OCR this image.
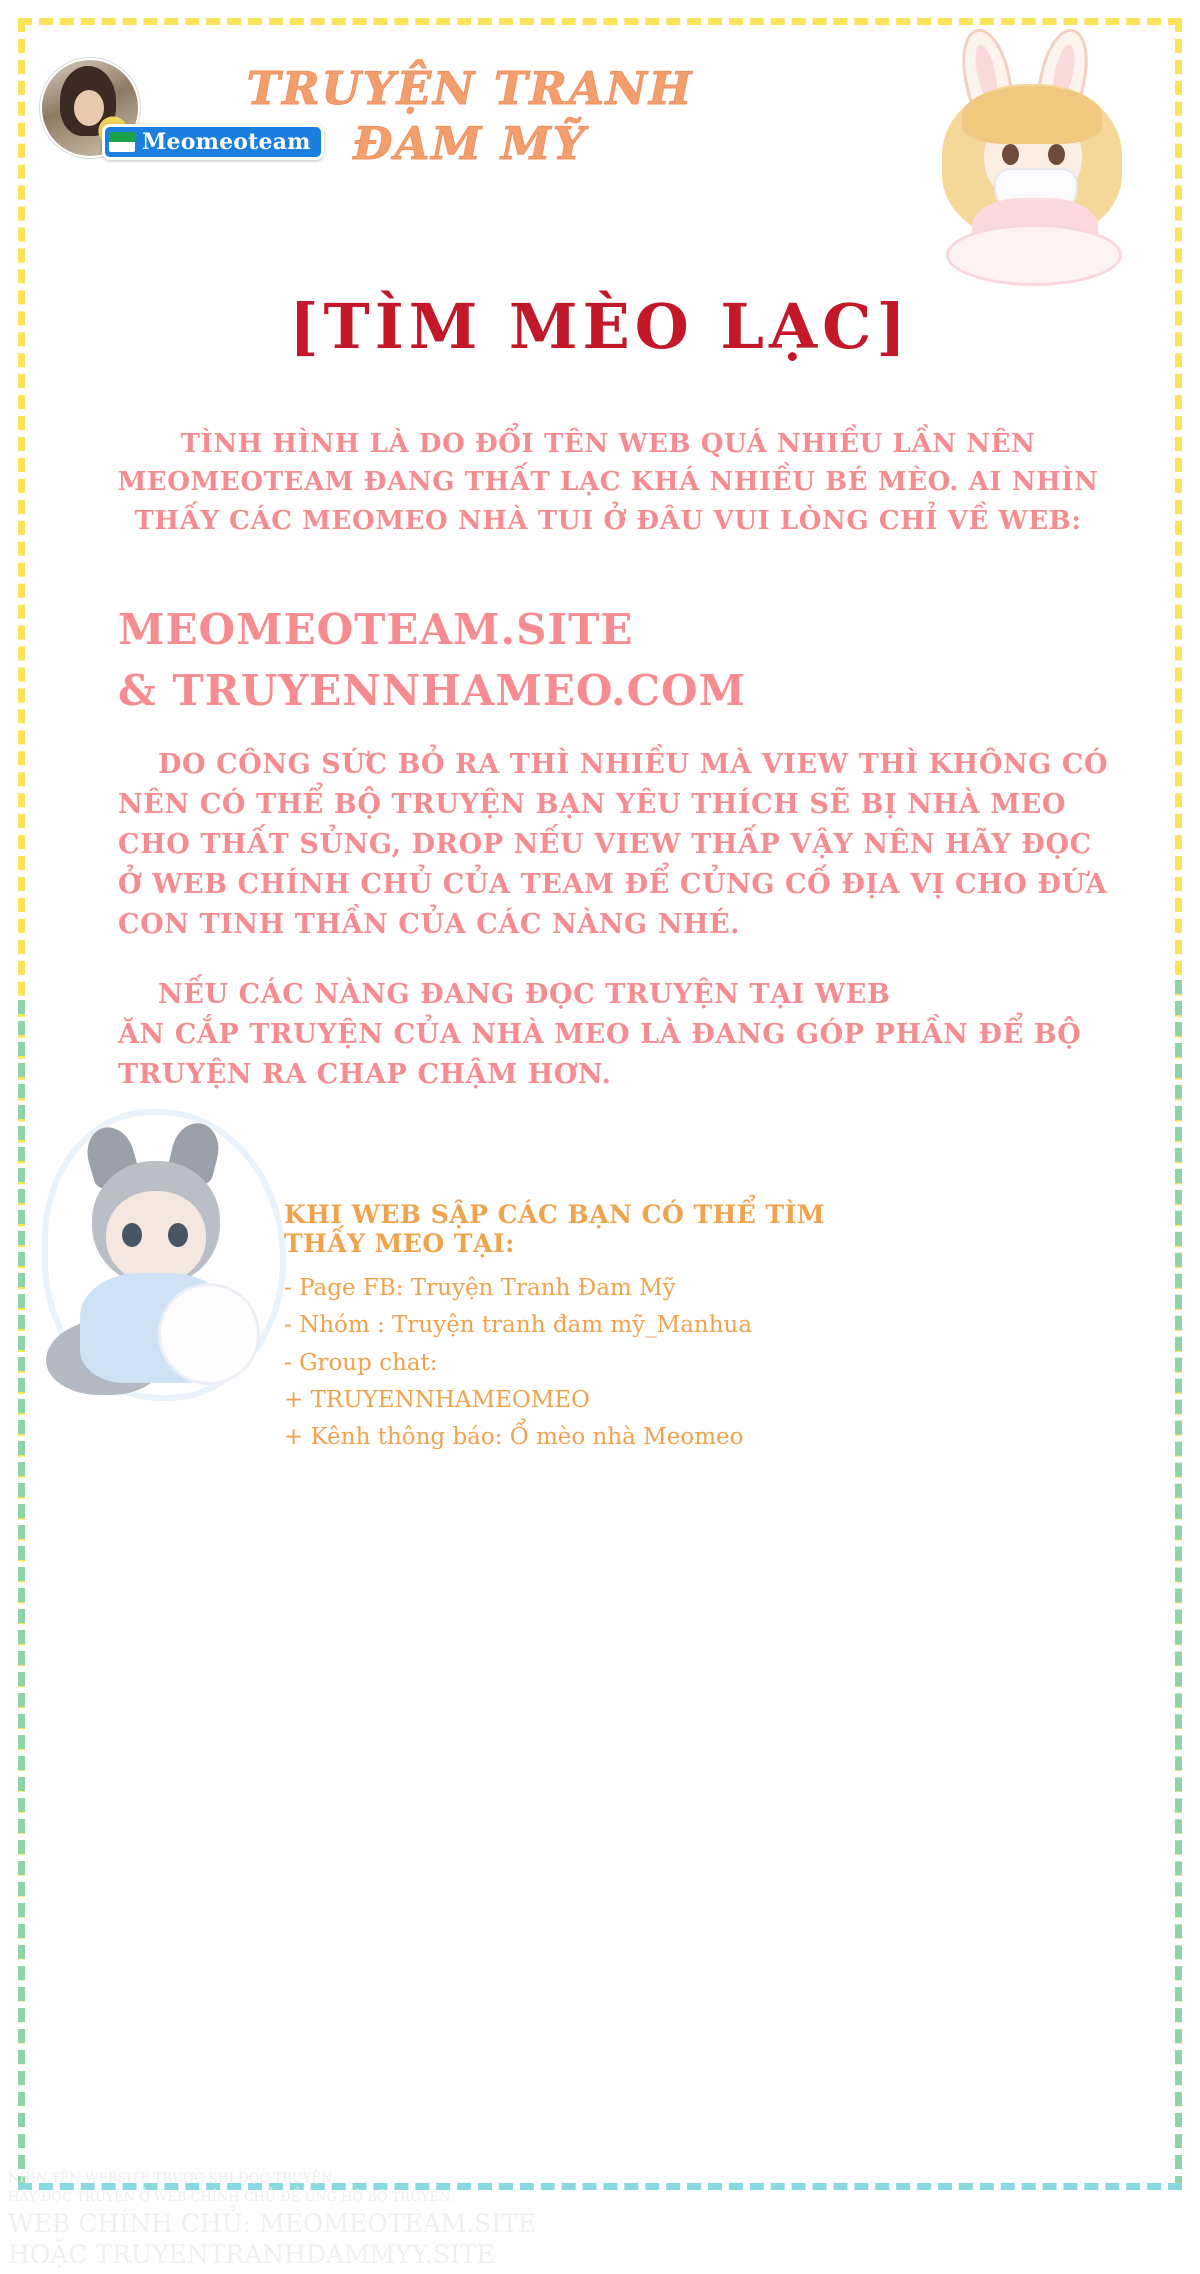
TRUYỆN TRANH
ĐAM MỸ
Meomeoteam
[TÌM MÈO LẠC]
TÌNH HÌNH LÀ DO ĐỔI TÊN WEB QUÁ NHIỀU LẦN NÊN MEOMEOTEAM ĐANG THẤT LẠC KHÁ NHIỀU BÉ MÈO. AI NHÌN THẤY CÁC MEOMEO NHÀ TUI Ở ĐÂU VUI LÒNG CHỈ VỀ WEB:
MEOMEOTEAM.SITE
& TRUYENNHAMEO.COM
DO CÔNG SỨC BỎ RA THÌ NHIỀU MÀ VIEW THÌ KHÔNG CÓ NÊN CÓ THỂ BỘ TRUYỆN BẠN YÊU THÍCH SẼ BỊ NHÀ MEO CHO THẤT SỦNG, DROP NẾU VIEW THẤP VẬY NÊN HÃY ĐỌC Ở WEB CHÍNH CHỦ CỦA TEAM ĐỂ CỦNG CỐ ĐỊA VỊ CHO ĐỨA CON TINH THẦN CỦA CÁC NÀNG NHÉ.
NẾU CÁC NÀNG ĐANG ĐỌC TRUYỆN TẠI WEB
ĂN CẮP TRUYỆN CỦA NHÀ MEO LÀ ĐANG GÓP PHẦN ĐỂ BỘ TRUYỆN RA CHAP CHẬM HƠN.
KHI WEB SẬP CÁC BẠN CÓ THỂ TÌM THẤY MEO TẠI:
- Page FB: Truyện Tranh Đam Mỹ
- Nhóm : Truyện tranh đam mỹ_Manhua
- Group chat:
+ TRUYENNHAMEOMEO
+ Kênh thông báo: Ổ mèo nhà Meomeo
NHÌN TÊN WEBSITE TRƯỚC KHI ĐỌC TRUYỆN,
HÃY ĐỌC TRUYỆN Ở WEB CHÍNH CHỦ ĐỂ ỦNG HỘ BỘ TRUYỆN.
WEB CHÍNH CHỦ: MEOMEOTEAM.SITE
HOẶC TRUYENTRANHDAMMYY.SITE
